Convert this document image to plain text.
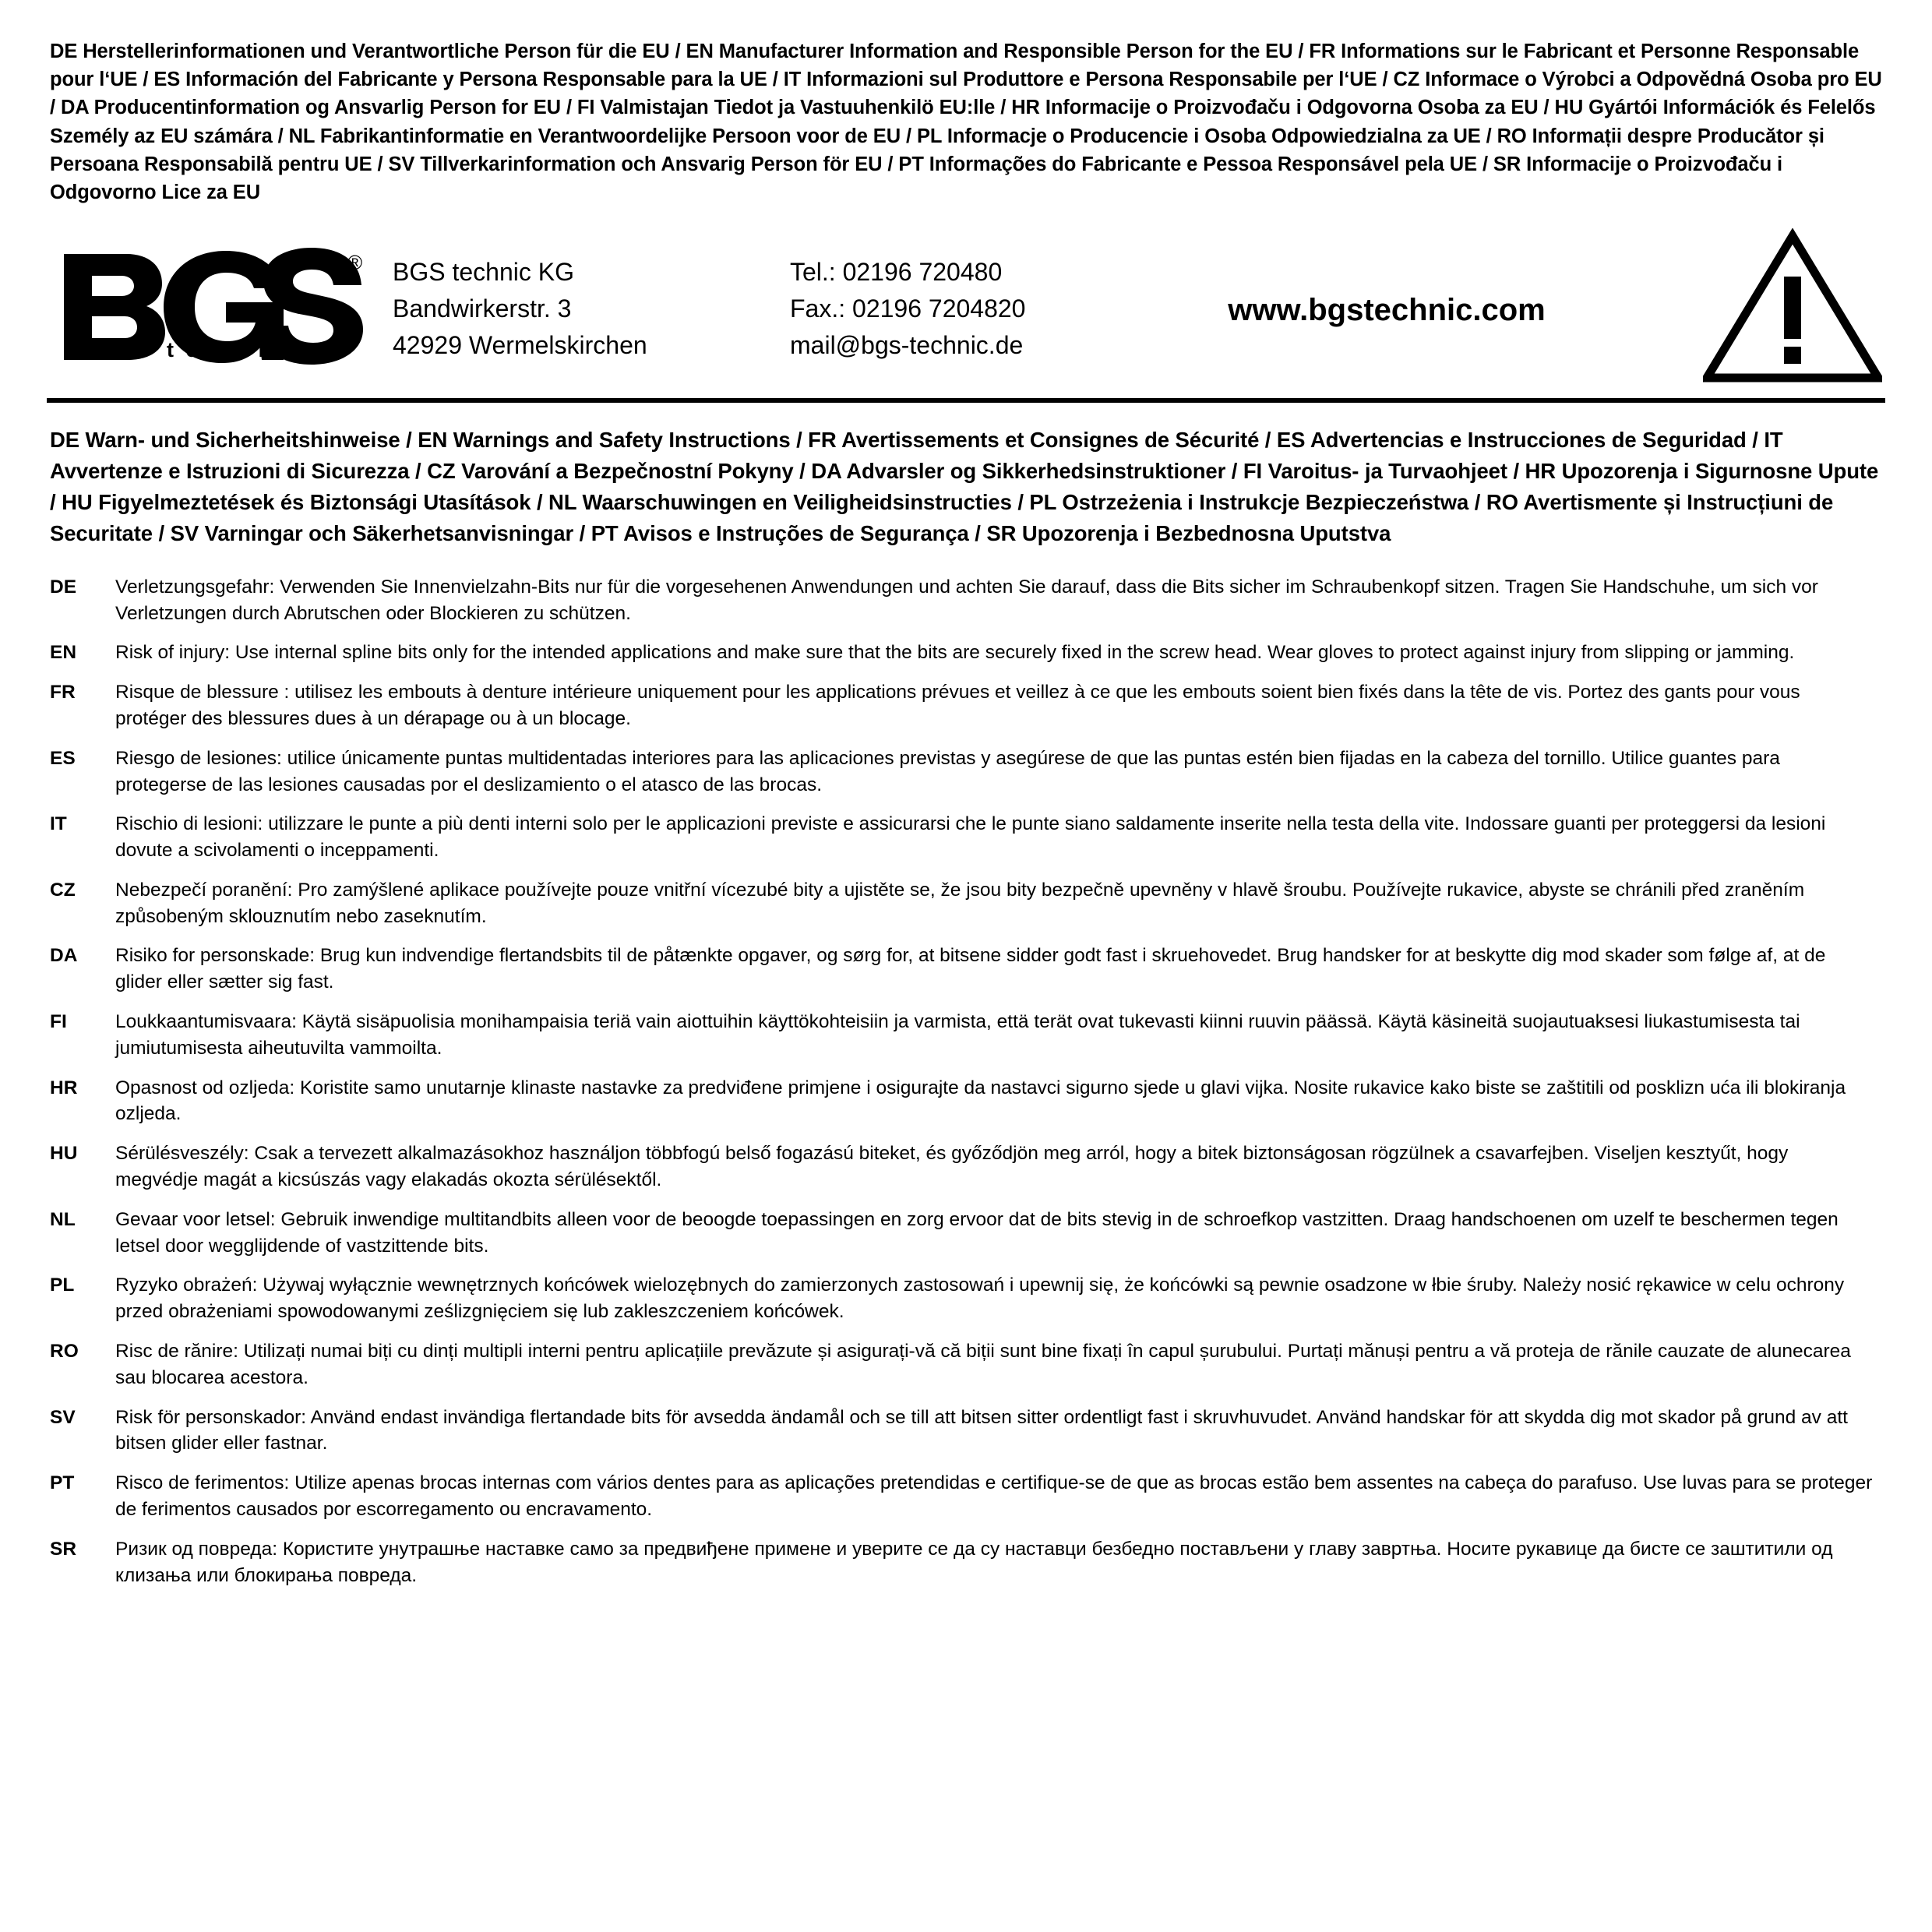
DE Herstellerinformationen und Verantwortliche Person für die EU / EN Manufacturer Information and Responsible Person for the EU / FR Informations sur le Fabricant et Personne Responsable pour l‘UE / ES Información del Fabricante y Persona Responsable para la UE / IT Informazioni sul Produttore e Persona Responsabile per l‘UE / CZ Informace o Výrobci a Odpovědná Osoba pro EU / DA Producentinformation og Ansvarlig Person for EU / FI Valmistajan Tiedot ja Vastuuhenkilö EU:lle / HR Informacije o Proizvođaču i Odgovorna Osoba za EU / HU Gyártói Információk és Felelős Személy az EU számára / NL Fabrikantinformatie en Verantwoordelijke Persoon voor de EU / PL Informacje o Producencie i Osoba Odpowiedzialna za UE / RO Informații despre Producător și Persoana Responsabilă pentru UE / SV Tillverkarinformation och Ansvarig Person för EU / PT Informações do Fabricante e Pessoa Responsável pela UE / SR Informacije o Proizvođaču i Odgovorno Lice za EU
®
t e c h n i c
BGS technic KG
Bandwirkerstr. 3
42929 Wermelskirchen
Tel.: 02196 720480
Fax.: 02196 7204820
mail@bgs-technic.de
www.bgstechnic.com
DE Warn- und Sicherheitshinweise / EN Warnings and Safety Instructions / FR Avertissements et Consignes de Sécurité / ES Advertencias e Instrucciones de Seguridad / IT Avvertenze e Istruzioni di Sicurezza / CZ Varování a Bezpečnostní Pokyny / DA Advarsler og Sikkerhedsinstruktioner / FI Varoitus- ja Turvaohjeet / HR Upozorenja i Sigurnosne Upute / HU Figyelmeztetések és Biztonsági Utasítások / NL Waarschuwingen en Veiligheidsinstructies / PL Ostrzeżenia i Instrukcje Bezpieczeństwa / RO Avertismente și Instrucțiuni de Securitate / SV Varningar och Säkerhetsanvisningar / PT Avisos e Instruções de Segurança / SR Upozorenja i Bezbednosna Uputstva
DE	Verletzungsgefahr: Verwenden Sie Innenvielzahn-Bits nur für die vorgesehenen Anwendungen und achten Sie darauf, dass die Bits sicher im Schraubenkopf sitzen. Tragen Sie Handschuhe, um sich vor Verletzungen durch Abrutschen oder Blockieren zu schützen.
EN	Risk of injury: Use internal spline bits only for the intended applications and make sure that the bits are securely fixed in the screw head. Wear gloves to protect against injury from slipping or jamming.
FR	Risque de blessure : utilisez les embouts à denture intérieure uniquement pour les applications prévues et veillez à ce que les embouts soient bien fixés dans la tête de vis. Portez des gants pour vous protéger des blessures dues à un dérapage ou à un blocage.
ES	Riesgo de lesiones: utilice únicamente puntas multidentadas interiores para las aplicaciones previstas y asegúrese de que las puntas estén bien fijadas en la cabeza del tornillo. Utilice guantes para protegerse de las lesiones causadas por el deslizamiento o el atasco de las brocas.
IT	Rischio di lesioni: utilizzare le punte a più denti interni solo per le applicazioni previste e assicurarsi che le punte siano saldamente inserite nella testa della vite. Indossare guanti per proteggersi da lesioni dovute a scivolamenti o inceppamenti.
CZ	Nebezpečí poranění: Pro zamýšlené aplikace používejte pouze vnitřní vícezubé bity a ujistěte se, že jsou bity bezpečně upevněny v hlavě šroubu. Používejte rukavice, abyste se chránili před zraněním způsobeným sklouznutím nebo zaseknutím.
DA	Risiko for personskade: Brug kun indvendige flertandsbits til de påtænkte opgaver, og sørg for, at bitsene sidder godt fast i skruehovedet. Brug handsker for at beskytte dig mod skader som følge af, at de glider eller sætter sig fast.
FI	Loukkaantumisvaara: Käytä sisäpuolisia monihampaisia teriä vain aiottuihin käyttökohteisiin ja varmista, että terät ovat tukevasti kiinni ruuvin päässä. Käytä käsineitä suojautuaksesi liukastumisesta tai jumiutumisesta aiheutuvilta vammoilta.
HR	Opasnost od ozljeda: Koristite samo unutarnje klinaste nastavke za predviđene primjene i osigurajte da nastavci sigurno sjede u glavi vijka. Nosite rukavice kako biste se zaštitili od posklizn uća ili blokiranja ozljeda.
HU	Sérülésveszély: Csak a tervezett alkalmazásokhoz használjon többfogú belső fogazású biteket, és győződjön meg arról, hogy a bitek biztonságosan rögzülnek a csavarfejben. Viseljen kesztyűt, hogy megvédje magát a kicsúszás vagy elakadás okozta sérülésektől.
NL	Gevaar voor letsel: Gebruik inwendige multitandbits alleen voor de beoogde toepassingen en zorg ervoor dat de bits stevig in de schroefkop vastzitten. Draag handschoenen om uzelf te beschermen tegen letsel door wegglijdende of vastzittende bits.
PL	Ryzyko obrażeń: Używaj wyłącznie wewnętrznych końcówek wielozębnych do zamierzonych zastosowań i upewnij się, że końcówki są pewnie osadzone w łbie śruby. Należy nosić rękawice w celu ochrony przed obrażeniami spowodowanymi ześlizgnięciem się lub zakleszczeniem końcówek.
RO	Risc de rănire: Utilizați numai biți cu dinți multipli interni pentru aplicațiile prevăzute și asigurați-vă că biții sunt bine fixați în capul șurubului. Purtați mănuși pentru a vă proteja de rănile cauzate de alunecarea sau blocarea acestora.
SV	Risk för personskador: Använd endast invändiga flertandade bits för avsedda ändamål och se till att bitsen sitter ordentligt fast i skruvhuvudet. Använd handskar för att skydda dig mot skador på grund av att bitsen glider eller fastnar.
PT	Risco de ferimentos: Utilize apenas brocas internas com vários dentes para as aplicações pretendidas e certifique-se de que as brocas estão bem assentes na cabeça do parafuso. Use luvas para se proteger de ferimentos causados por escorregamento ou encravamento.
SR	Ризик од повреда: Користите унутрашње наставке само за предвиђене примене и уверите се да су наставци безбедно постављени у главу завртња. Носите рукавице да бисте се заштитили од клизања или блокирања повреда.
